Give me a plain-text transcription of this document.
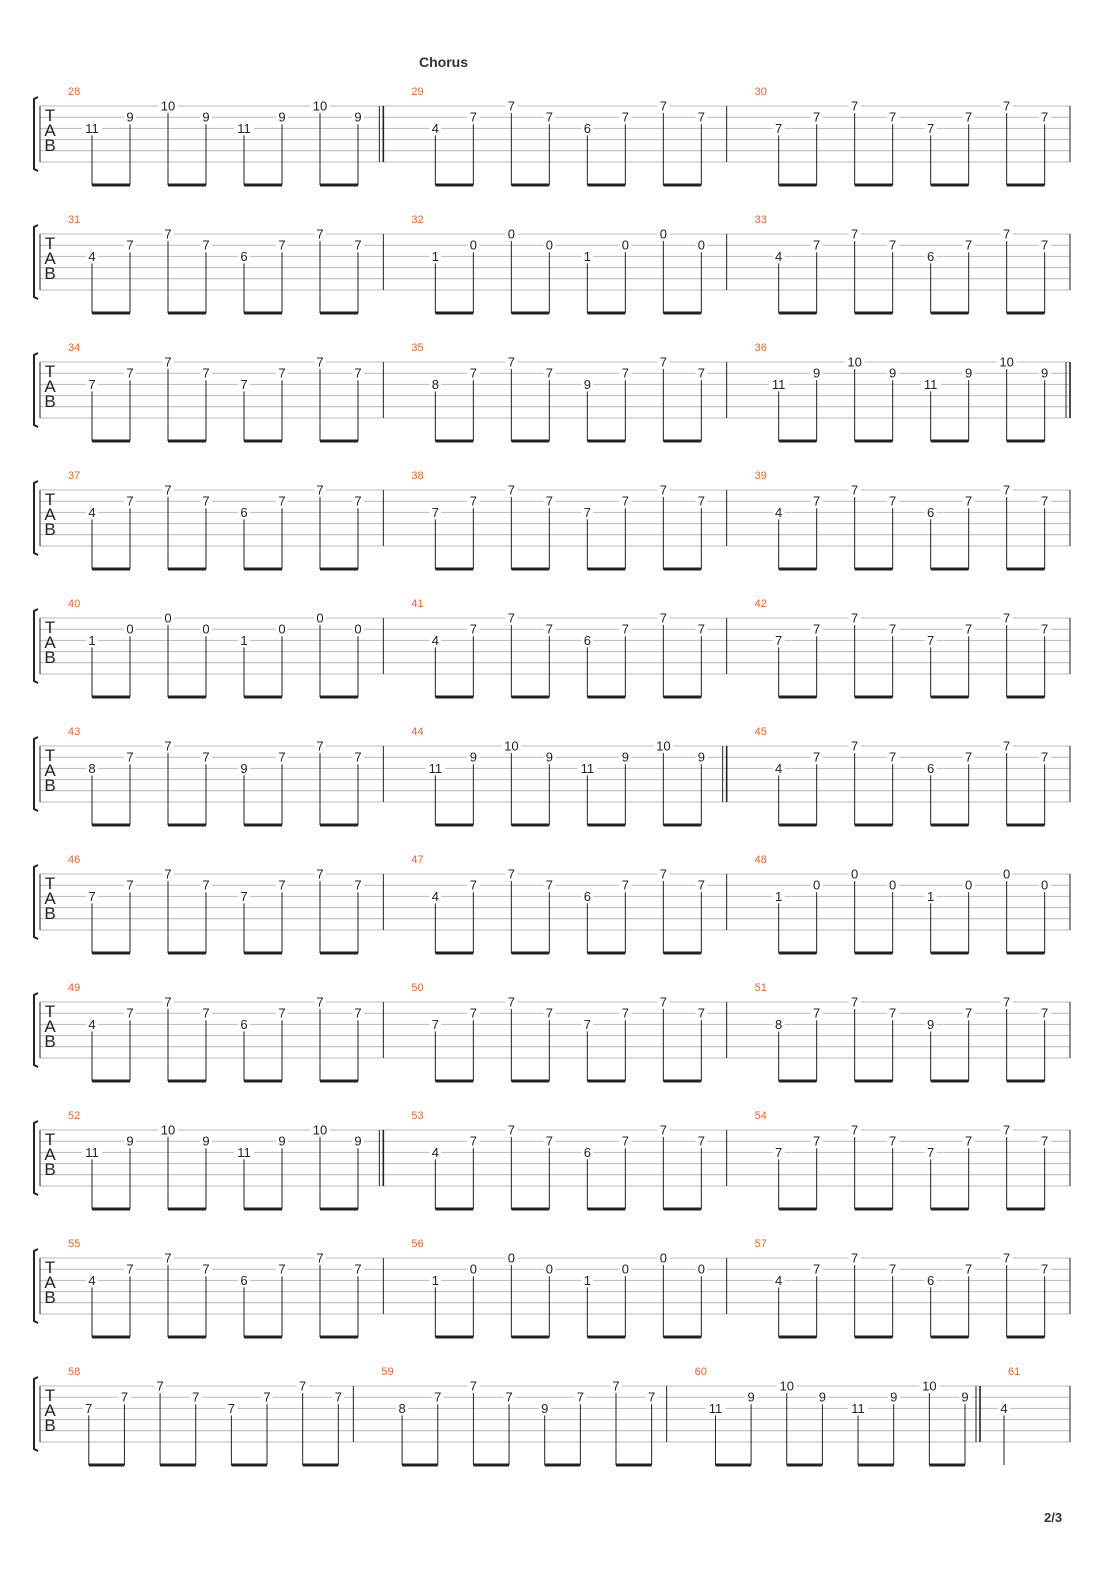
Chorus
T
A
B
28
11
9
10
9
11
9
10
9
29
4
7
7
7
6
7
7
7
30
7
7
7
7
7
7
7
7
T
A
B
31
4
7
7
7
6
7
7
7
32
1
0
0
0
1
0
0
0
33
4
7
7
7
6
7
7
7
T
A
B
34
7
7
7
7
7
7
7
7
35
8
7
7
7
9
7
7
7
36
11
9
10
9
11
9
10
9
T
A
B
37
4
7
7
7
6
7
7
7
38
7
7
7
7
7
7
7
7
39
4
7
7
7
6
7
7
7
T
A
B
40
1
0
0
0
1
0
0
0
41
4
7
7
7
6
7
7
7
42
7
7
7
7
7
7
7
7
T
A
B
43
8
7
7
7
9
7
7
7
44
11
9
10
9
11
9
10
9
45
4
7
7
7
6
7
7
7
T
A
B
46
7
7
7
7
7
7
7
7
47
4
7
7
7
6
7
7
7
48
1
0
0
0
1
0
0
0
T
A
B
49
4
7
7
7
6
7
7
7
50
7
7
7
7
7
7
7
7
51
8
7
7
7
9
7
7
7
T
A
B
52
11
9
10
9
11
9
10
9
53
4
7
7
7
6
7
7
7
54
7
7
7
7
7
7
7
7
T
A
B
55
4
7
7
7
6
7
7
7
56
1
0
0
0
1
0
0
0
57
4
7
7
7
6
7
7
7
T
A
B
58
7
7
7
7
7
7
7
7
59
8
7
7
7
9
7
7
7
60
11
9
10
9
11
9
10
9
61
4
2/3
